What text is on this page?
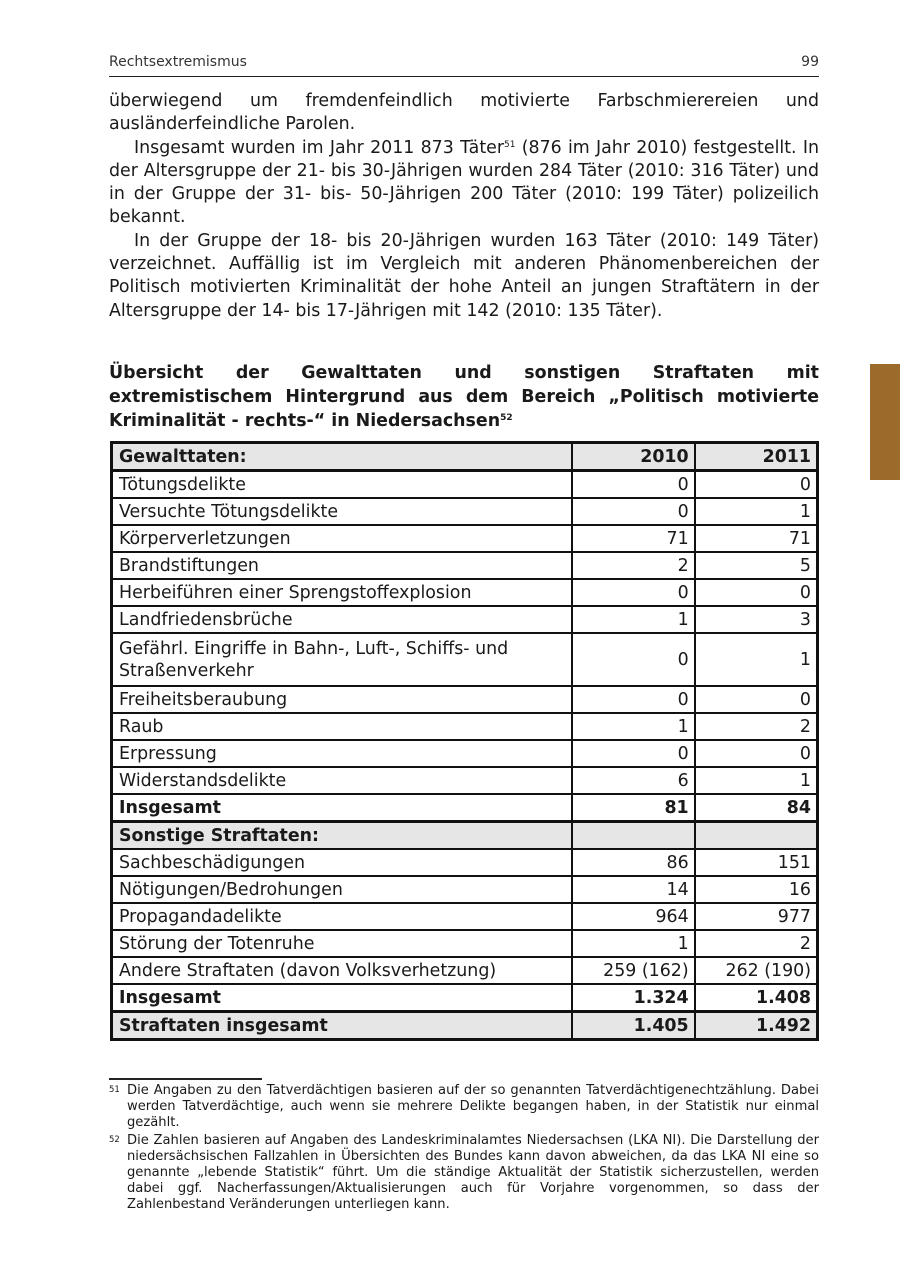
Rechtsextremismus	99

überwiegend um fremdenfeindlich motivierte Farbschmierereien und ausländerfeindliche Parolen.

Insgesamt wurden im Jahr 2011 873 Täter$^{51}$ (876 im Jahr 2010) festgestellt. In der Altersgruppe der 21- bis 30-Jährigen wurden 284 Täter (2010: 316 Täter) und in der Gruppe der 31- bis- 50-Jährigen 200 Täter (2010: 199 Täter) polizeilich bekannt.

In der Gruppe der 18- bis 20-Jährigen wurden 163 Täter (2010: 149 Täter) verzeichnet. Auffällig ist im Vergleich mit anderen Phänomenbereichen der Politisch motivierten Kriminalität der hohe Anteil an jungen Straftätern in der Altersgruppe der 14- bis 17-Jährigen mit 142 (2010: 135 Täter).

Übersicht der Gewalttaten und sonstigen Straftaten mit extremistischem Hintergrund aus dem Bereich „Politisch motivierte Kriminalität - rechts-“ in Niedersachsen$^{52}$
Gewalttaten:	2010	2011
Tötungsdelikte	0	0
Versuchte Tötungsdelikte	0	1
Körperverletzungen	71	71
Brandstiftungen	2	5
Herbeiführen einer Sprengstoffexplosion	0	0
Landfriedensbrüche	1	3
Gefährl. Eingriffe in Bahn-, Luft-, Schiffs- und Straßenverkehr	0	1
Freiheitsberaubung	0	0
Raub	1	2
Erpressung	0	0
Widerstandsdelikte	6	1
Insgesamt	81	84
Sonstige Straftaten:		
Sachbeschädigungen	86	151
Nötigungen/Bedrohungen	14	16
Propagandadelikte	964	977
Störung der Totenruhe	1	2
Andere Straftaten (davon Volksverhetzung)	259 (162)	262 (190)
Insgesamt	1.324	1.408
Straftaten insgesamt	1.405	1.492
51 Die Angaben zu den Tatverdächtigen basieren auf der so genannten Tatverdächtigenechtzählung. Dabei werden Tatverdächtige, auch wenn sie mehrere Delikte begangen haben, in der Statistik nur einmal gezählt.
52 Die Zahlen basieren auf Angaben des Landeskriminalamtes Niedersachsen (LKA NI). Die Darstellung der niedersächsischen Fallzahlen in Übersichten des Bundes kann davon abweichen, da das LKA NI eine so genannte „lebende Statistik“ führt. Um die ständige Aktualität der Statistik sicherzustellen, werden dabei ggf. Nacherfassungen/Aktualisierungen auch für Vorjahre vorgenommen, so dass der Zahlenbestand Veränderungen unterliegen kann.
